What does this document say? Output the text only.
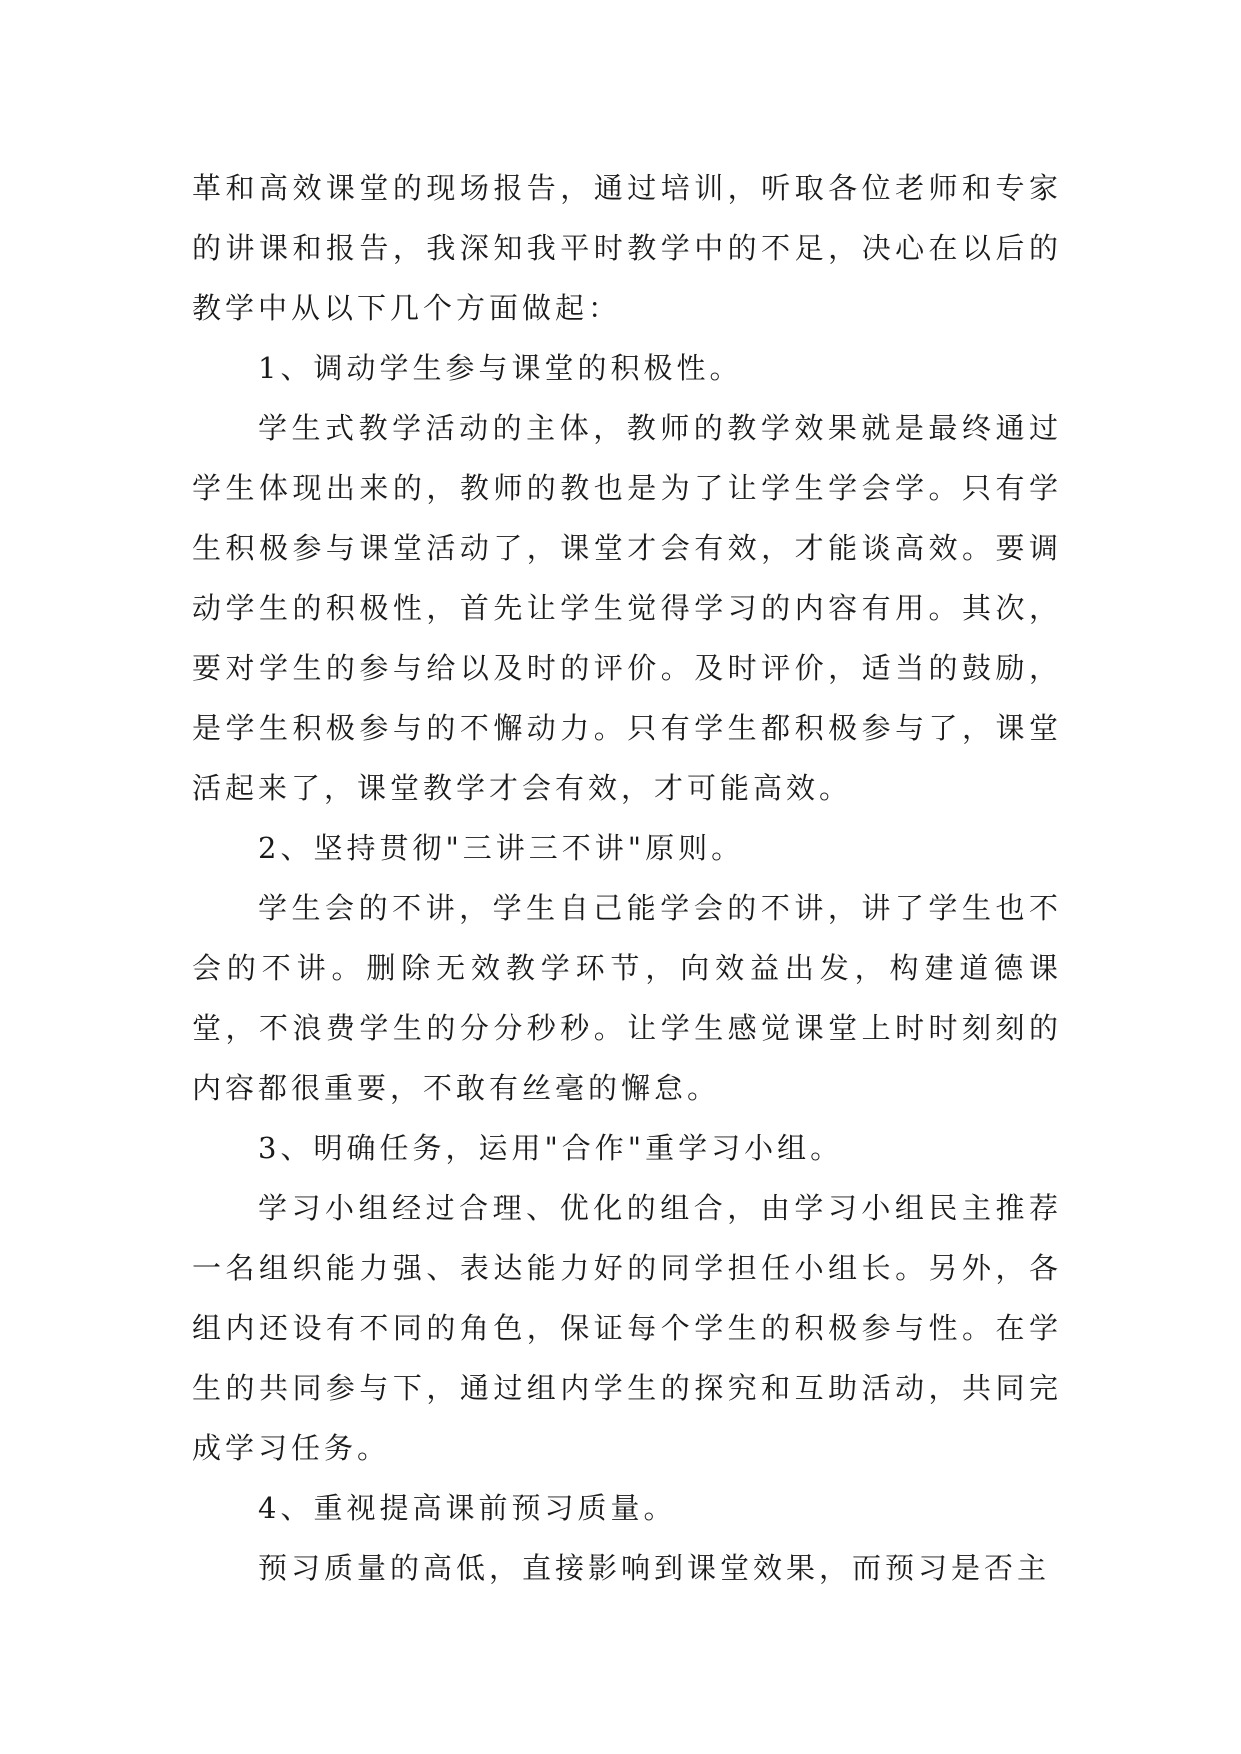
革和高效课堂的现场报告，通过培训，听取各位老师和专家的讲课和报告，我深知我平时教学中的不足，决心在以后的教学中从以下几个方面做起：

1、调动学生参与课堂的积极性。

学生式教学活动的主体，教师的教学效果就是最终通过学生体现出来的，教师的教也是为了让学生学会学。只有学生积极参与课堂活动了，课堂才会有效，才能谈高效。要调动学生的积极性，首先让学生觉得学习的内容有用。其次，要对学生的参与给以及时的评价。及时评价，适当的鼓励，是学生积极参与的不懈动力。只有学生都积极参与了，课堂活起来了，课堂教学才会有效，才可能高效。

2、坚持贯彻"三讲三不讲"原则。

学生会的不讲，学生自己能学会的不讲，讲了学生也不会的不讲。删除无效教学环节，向效益出发，构建道德课堂，不浪费学生的分分秒秒。让学生感觉课堂上时时刻刻的内容都很重要，不敢有丝毫的懈怠。

3、明确任务，运用"合作"重学习小组。

学习小组经过合理、优化的组合，由学习小组民主推荐一名组织能力强、表达能力好的同学担任小组长。另外，各组内还设有不同的角色，保证每个学生的积极参与性。在学生的共同参与下，通过组内学生的探究和互助活动，共同完成学习任务。

4、重视提高课前预习质量。

预习质量的高低，直接影响到课堂效果，而预习是否主
